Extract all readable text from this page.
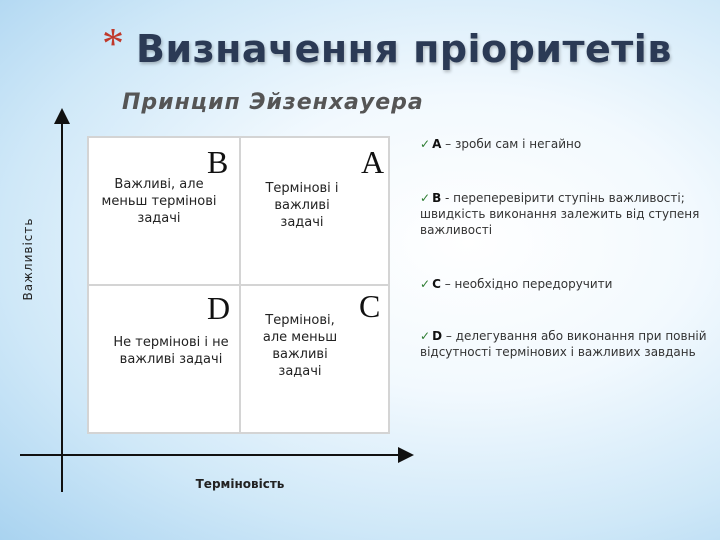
* Визначення пріоритетів
Принцип Эйзенхауера
Важливість
Терміновість
Важливі, але меньш термінові задачі
B
Термінові і важливі задачі
A
Не термінові і не важливі задачі
D	Термінові, але меньш важливі задачі
C

✓ A – зроби сам і негайно

✓ B - переперевірити ступінь важливості; швидкість виконання залежить від ступеня важливості

✓ C – необхідно передоручити

✓ D – делегування або виконання при повній відсутності термінових і важливих завдань
